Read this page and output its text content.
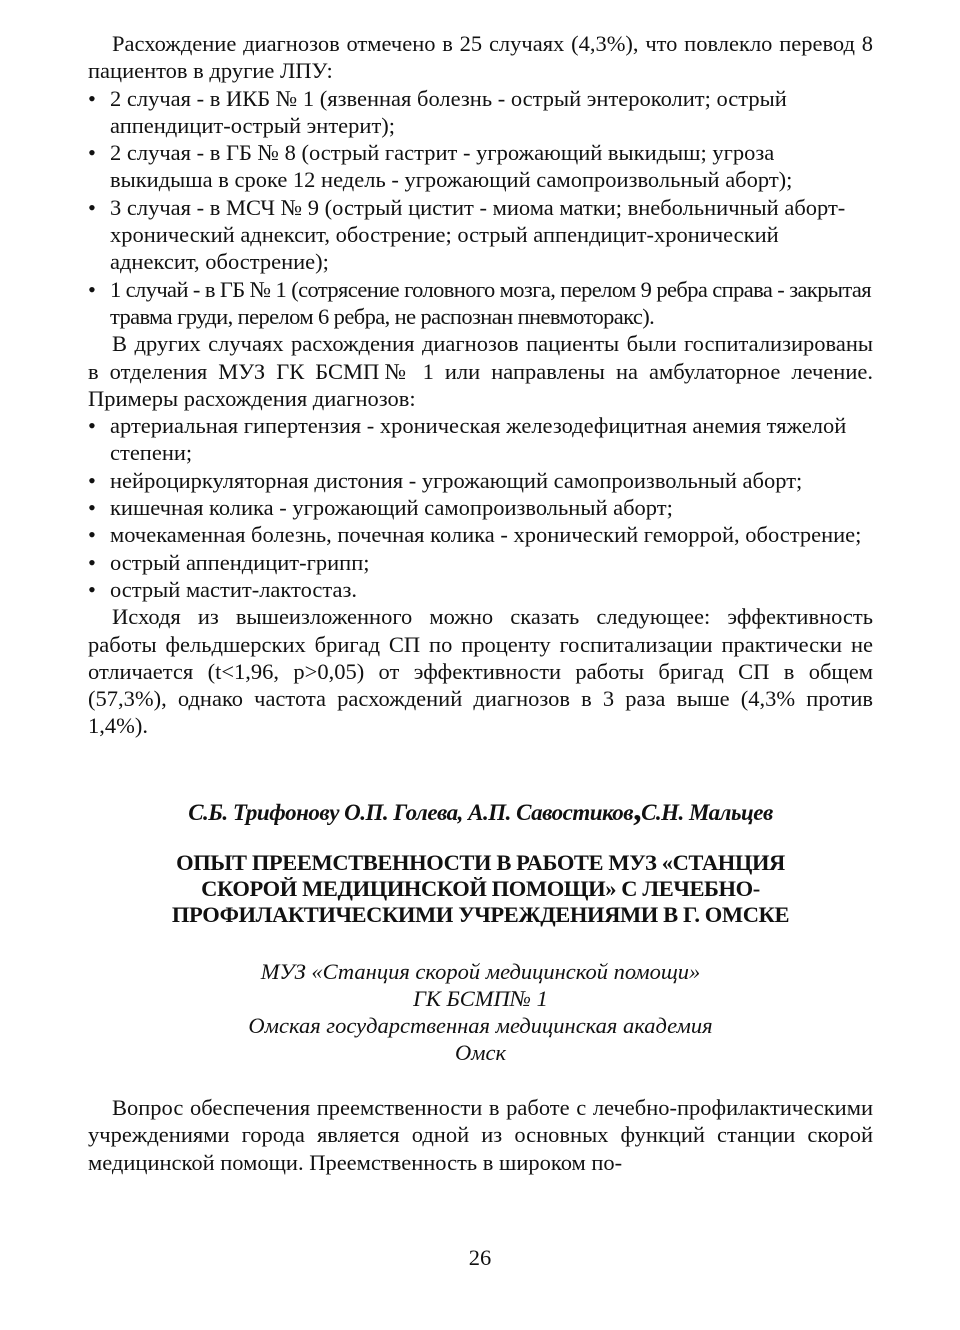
Расхождение диагнозов отмечено в 25 случаях (4,3%), что повлекло перевод 8 пациентов в другие ЛПУ:

• 2 случая - в ИКБ № 1 (язвенная болезнь - острый энтероколит; острый аппендицит-острый энтерит);
• 2 случая - в ГБ № 8 (острый гастрит - угрожающий выкидыш; угроза выкидыша в сроке 12 недель - угрожающий самопроизвольный аборт);
• 3 случая - в МСЧ № 9 (острый цистит - миома матки; внебольничный аборт-хронический аднексит, обострение; острый аппендицит-хронический аднексит, обострение);
• 1 случай - в ГБ № 1 (сотрясение головного мозга, перелом 9 ребра справа - закрытая травма груди, перелом 6 ребра, не распознан пневмоторакс).

В других случаях расхождения диагнозов пациенты были госпитализированы в отделения МУЗ ГК БСМП№ 1 или направлены на амбулаторное лечение. Примеры расхождения диагнозов:

• артериальная гипертензия - хроническая железодефицитная анемия тяжелой степени;
• нейроциркуляторная дистония - угрожающий самопроизвольный аборт;
• кишечная колика - угрожающий самопроизвольный аборт;
• мочекаменная болезнь, почечная колика - хронический геморрой, обострение;
• острый аппендицит-грипп;
• острый мастит-лактостаз.

Исходя из вышеизложенного можно сказать следующее: эффективность работы фельдшерских бригад СП по проценту госпитализации практически не отличается (t<1,96, p>0,05) от эффективности работы бригад СП в общем (57,3%), однако частота расхождений диагнозов в 3 раза выше (4,3% против 1,4%).

С.Б. Трифонову О.П. Голева, А.П. Савостиков,С.Н. Мальцев
ОПЫТ ПРЕЕМСТВЕННОСТИ В РАБОТЕ МУЗ «СТАНЦИЯ
СКОРОЙ МЕДИЦИНСКОЙ ПОМОЩИ» С ЛЕЧЕБНО-
ПРОФИЛАКТИЧЕСКИМИ УЧРЕЖДЕНИЯМИ В Г. ОМСКЕ
МУЗ «Станция скорой медицинской помощи»
ГК БСМП№ 1
Омская государственная медицинская академия
Омск

Вопрос обеспечения преемственности в работе с лечебно-профилактическими учреждениями города является одной из основных функций станции скорой медицинской помощи. Преемственность в широком по-

26
